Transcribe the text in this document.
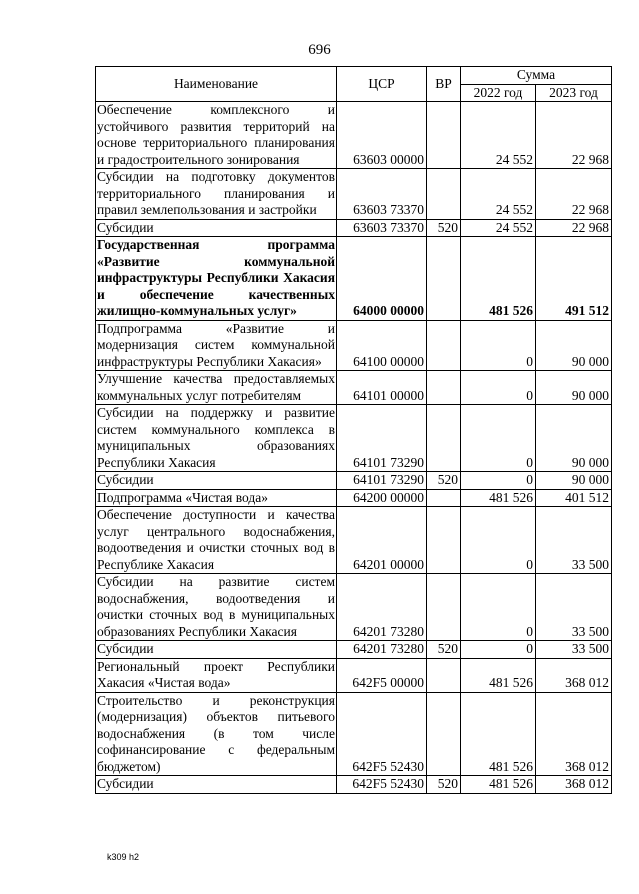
696
Наименование	ЦСР	ВР	Сумма	
			2022 год	2023 год
Обеспечение комплексного и устойчивого развития территорий на основе территориального планирования и градостроительного зонирования	63603 00000		24 552	22 968
Субсидии на подготовку документов территориального планирования и правил землепользования и застройки	63603 73370		24 552	22 968
Субсидии	63603 73370	520	24 552	22 968
Государственная программа «Развитие коммунальной инфраструктуры Республики Хакасия и обеспечение качественных жилищно-коммунальных услуг»	64000 00000		481 526	491 512
Подпрограмма «Развитие и модернизация систем коммунальной инфраструктуры Республики Хакасия»	64100 00000		0	90 000
Улучшение качества предоставляемых коммунальных услуг потребителям	64101 00000		0	90 000
Субсидии на поддержку и развитие систем коммунального комплекса в муниципальных образованиях Республики Хакасия	64101 73290		0	90 000
Субсидии	64101 73290	520	0	90 000
Подпрограмма «Чистая вода»	64200 00000		481 526	401 512
Обеспечение доступности и качества услуг центрального водоснабжения, водоотведения и очистки сточных вод в Республике Хакасия	64201 00000		0	33 500
Субсидии на развитие систем водоснабжения, водоотведения и очистки сточных вод в муниципальных образованиях Республики Хакасия	64201 73280		0	33 500
Субсидии	64201 73280	520	0	33 500
Региональный проект Республики Хакасия «Чистая вода»	642F5 00000		481 526	368 012
Строительство и реконструкция (модернизация) объектов питьевого водоснабжения (в том числе софинансирование с федеральным бюджетом)	642F5 52430		481 526	368 012
Субсидии	642F5 52430	520	481 526	368 012
k309 h2
